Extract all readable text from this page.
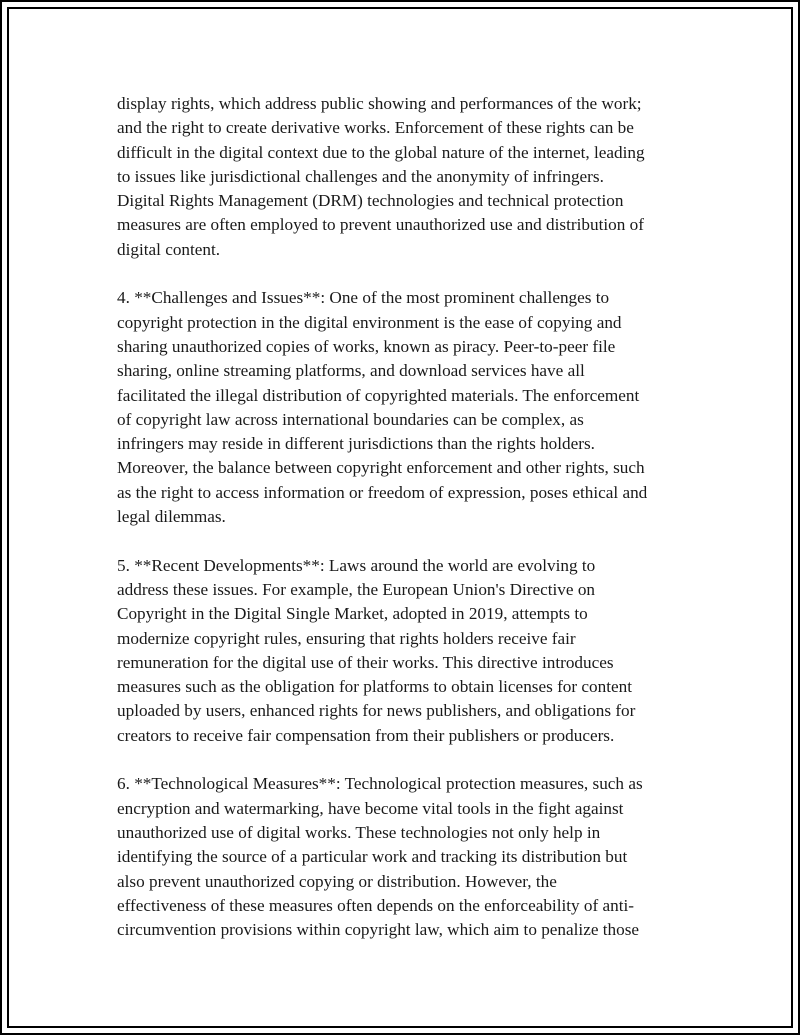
display rights, which address public showing and performances of the work;
and the right to create derivative works. Enforcement of these rights can be
difficult in the digital context due to the global nature of the internet, leading
to issues like jurisdictional challenges and the anonymity of infringers.
Digital Rights Management (DRM) technologies and technical protection
measures are often employed to prevent unauthorized use and distribution of
digital content.

4. **Challenges and Issues**: One of the most prominent challenges to
copyright protection in the digital environment is the ease of copying and
sharing unauthorized copies of works, known as piracy. Peer-to-peer file
sharing, online streaming platforms, and download services have all
facilitated the illegal distribution of copyrighted materials. The enforcement
of copyright law across international boundaries can be complex, as
infringers may reside in different jurisdictions than the rights holders.
Moreover, the balance between copyright enforcement and other rights, such
as the right to access information or freedom of expression, poses ethical and
legal dilemmas.

5. **Recent Developments**: Laws around the world are evolving to
address these issues. For example, the European Union's Directive on
Copyright in the Digital Single Market, adopted in 2019, attempts to
modernize copyright rules, ensuring that rights holders receive fair
remuneration for the digital use of their works. This directive introduces
measures such as the obligation for platforms to obtain licenses for content
uploaded by users, enhanced rights for news publishers, and obligations for
creators to receive fair compensation from their publishers or producers.

6. **Technological Measures**: Technological protection measures, such as
encryption and watermarking, have become vital tools in the fight against
unauthorized use of digital works. These technologies not only help in
identifying the source of a particular work and tracking its distribution but
also prevent unauthorized copying or distribution. However, the
effectiveness of these measures often depends on the enforceability of anti-
circumvention provisions within copyright law, which aim to penalize those
